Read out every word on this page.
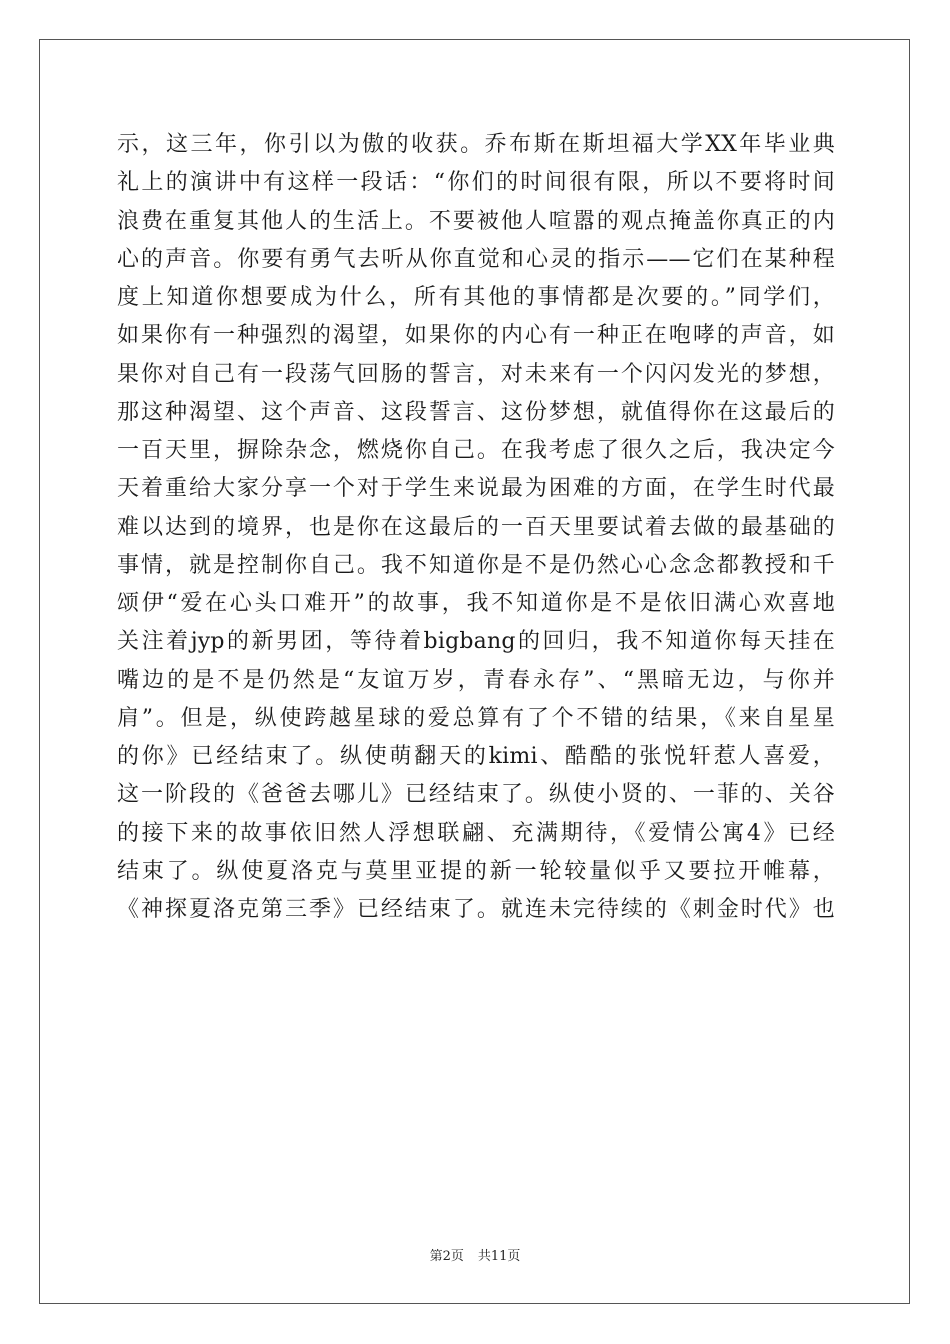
示，这三年，你引以为傲的收获。乔布斯在斯坦福大学XX年毕业典
礼上的演讲中有这样一段话：“你们的时间很有限，所以不要将时间
浪费在重复其他人的生活上。不要被他人喧嚣的观点掩盖你真正的内
心的声音。你要有勇气去听从你直觉和心灵的指示——它们在某种程
度上知道你想要成为什么，所有其他的事情都是次要的。”同学们，
如果你有一种强烈的渴望，如果你的内心有一种正在咆哮的声音，如
果你对自己有一段荡气回肠的誓言，对未来有一个闪闪发光的梦想，
那这种渴望、这个声音、这段誓言、这份梦想，就值得你在这最后的
一百天里，摒除杂念，燃烧你自己。在我考虑了很久之后，我决定今
天着重给大家分享一个对于学生来说最为困难的方面，在学生时代最
难以达到的境界，也是你在这最后的一百天里要试着去做的最基础的
事情，就是控制你自己。我不知道你是不是仍然心心念念都教授和千
颂伊“爱在心头口难开”的故事，我不知道你是不是依旧满心欢喜地
关注着jyp的新男团，等待着bigbang的回归，我不知道你每天挂在
嘴边的是不是仍然是“友谊万岁，青春永存”、“黑暗无边，与你并
肩”。但是，纵使跨越星球的爱总算有了个不错的结果，《来自星星
的你》已经结束了。纵使萌翻天的kimi、酷酷的张悦轩惹人喜爱，
这一阶段的《爸爸去哪儿》已经结束了。纵使小贤的、一菲的、关谷
的接下来的故事依旧然人浮想联翩、充满期待，《爱情公寓4》已经
结束了。纵使夏洛克与莫里亚提的新一轮较量似乎又要拉开帷幕，
《神探夏洛克第三季》已经结束了。就连未完待续的《刺金时代》也
第2页 共11页
